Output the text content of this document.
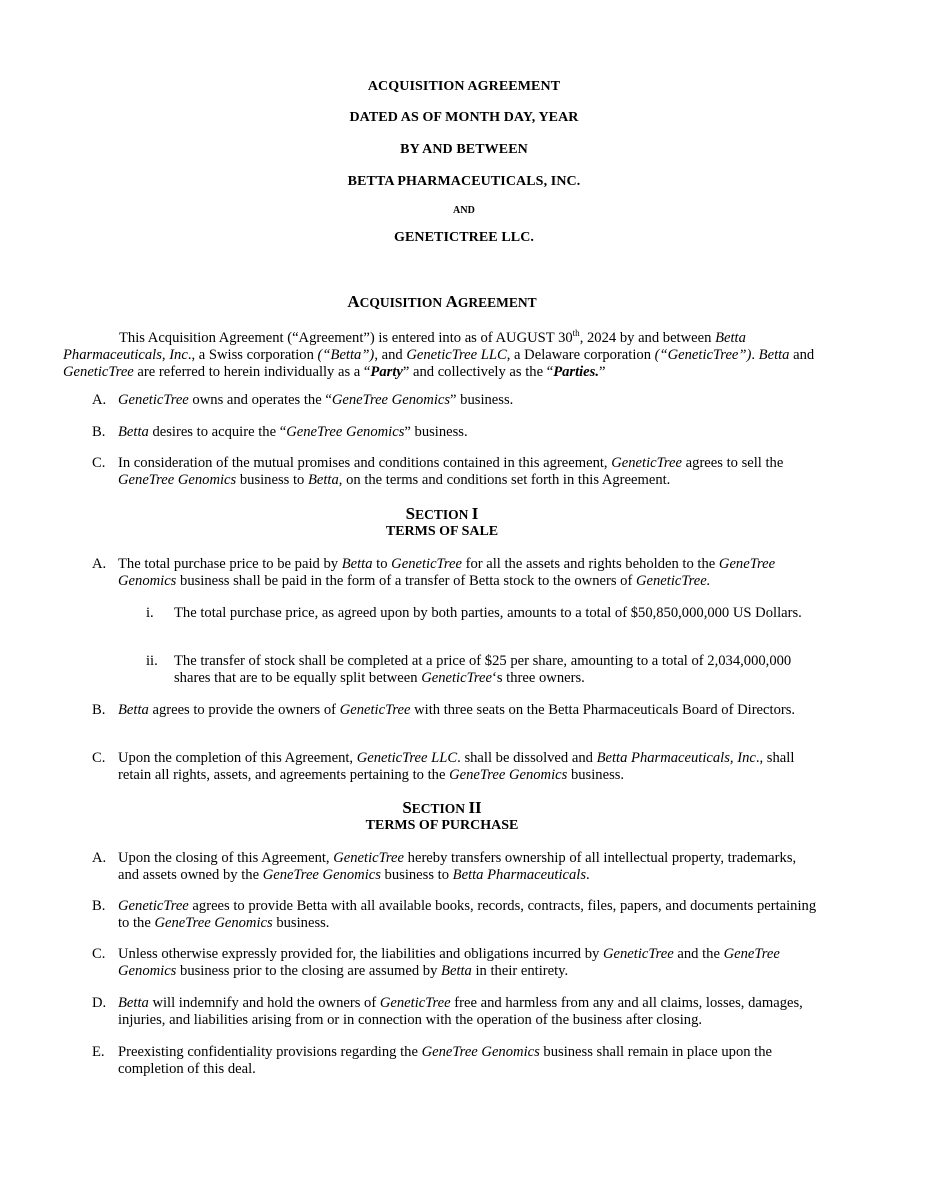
ACQUISITION AGREEMENT
DATED AS OF MONTH DAY, YEAR
BY AND BETWEEN
BETTA PHARMACEUTICALS, INC.
AND
GENETICTREE LLC.
ACQUISITION AGREEMENT

This Acquisition Agreement (“Agreement”) is entered into as of AUGUST 30th, 2024 by and between Betta Pharmaceuticals, Inc., a Swiss corporation (“Betta”), and GeneticTree LLC, a Delaware corporation (“GeneticTree”). Betta and GeneticTree are referred to herein individually as a “Party” and collectively as the “Parties.”

A. GeneticTree owns and operates the “GeneTree Genomics” business.
B. Betta desires to acquire the “GeneTree Genomics” business.
C. In consideration of the mutual promises and conditions contained in this agreement, GeneticTree agrees to sell the GeneTree Genomics business to Betta, on the terms and conditions set forth in this Agreement.
SECTION I
TERMS OF SALE
A. The total purchase price to be paid by Betta to GeneticTree for all the assets and rights beholden to the GeneTree Genomics business shall be paid in the form of a transfer of Betta stock to the owners of GeneticTree.
i. The total purchase price, as agreed upon by both parties, amounts to a total of $50,850,000,000 US Dollars.
ii. The transfer of stock shall be completed at a price of $25 per share, amounting to a total of 2,034,000,000 shares that are to be equally split between GeneticTree‘s three owners.
B. Betta agrees to provide the owners of GeneticTree with three seats on the Betta Pharmaceuticals Board of Directors.
C. Upon the completion of this Agreement, GeneticTree LLC. shall be dissolved and Betta Pharmaceuticals, Inc., shall retain all rights, assets, and agreements pertaining to the GeneTree Genomics business.
SECTION II
TERMS OF PURCHASE
A. Upon the closing of this Agreement, GeneticTree hereby transfers ownership of all intellectual property, trademarks, and assets owned by the GeneTree Genomics business to Betta Pharmaceuticals.
B. GeneticTree agrees to provide Betta with all available books, records, contracts, files, papers, and documents pertaining to the GeneTree Genomics business.
C. Unless otherwise expressly provided for, the liabilities and obligations incurred by GeneticTree and the GeneTree Genomics business prior to the closing are assumed by Betta in their entirety.
D. Betta will indemnify and hold the owners of GeneticTree free and harmless from any and all claims, losses, damages, injuries, and liabilities arising from or in connection with the operation of the business after closing.
E. Preexisting confidentiality provisions regarding the GeneTree Genomics business shall remain in place upon the completion of this deal.
